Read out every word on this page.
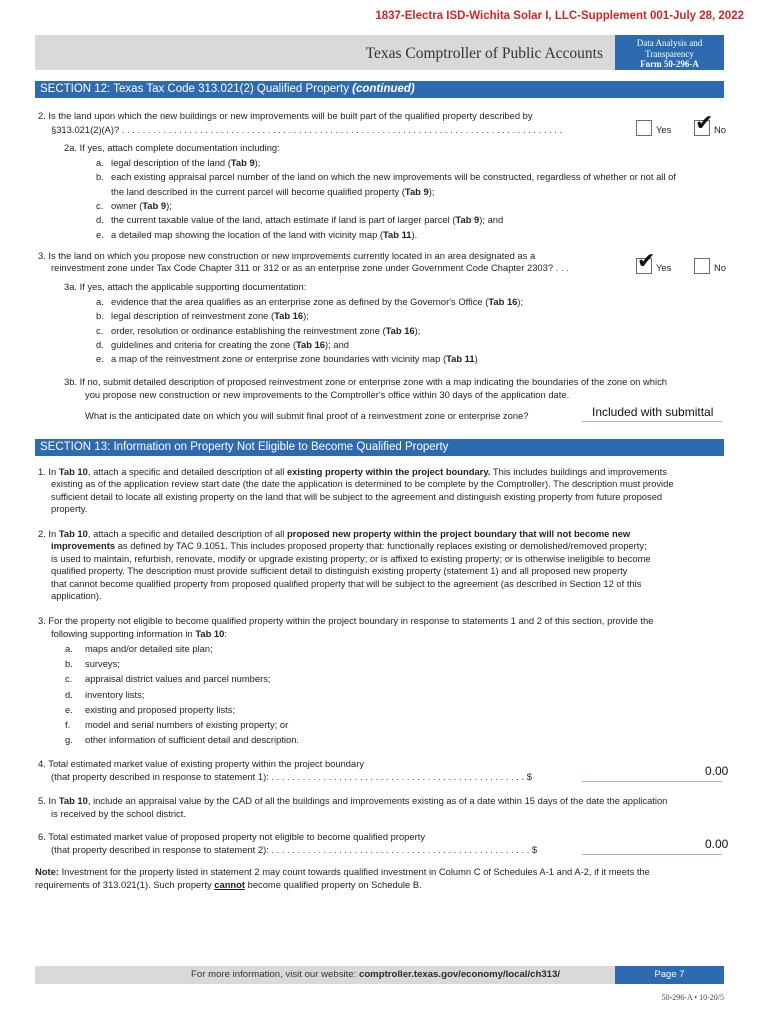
1837-Electra ISD-Wichita Solar I, LLC-Supplement 001-July 28, 2022
Texas Comptroller of Public Accounts
Data Analysis and
Transparency
Form 50-296-A
SECTION 12: Texas Tax Code 313.021(2) Qualified Property (continued)
2. Is the land upon which the new buildings or new improvements will be built part of the qualified property described by
§313.021(2)(A)? . . . . . . . . . . . . . . . . . . . . . . . . . . . . . . . . . . . . . . . . . . . . . . . . . . . . . . . . . . . . . . . . . . . . . . . . . . . . . . . . . . . . .	Yes ✔ No
2a. If yes, attach complete documentation including:
a. legal description of the land (Tab 9);
b. each existing appraisal parcel number of the land on which the new improvements will be constructed, regardless of whether or not all of
the land described in the current parcel will become qualified property (Tab 9);
c. owner (Tab 9);
d. the current taxable value of the land, attach estimate if land is part of larger parcel (Tab 9); and
e. a detailed map showing the location of the land with vicinity map (Tab 11).
3. Is the land on which you propose new construction or new improvements currently located in an area designated as a
reinvestment zone under Tax Code Chapter 311 or 312 or as an enterprise zone under Government Code Chapter 2303? . . .	✔ Yes	No
3a. If yes, attach the applicable supporting documentation:
a. evidence that the area qualifies as an enterprise zone as defined by the Governor's Office (Tab 16);
b. legal description of reinvestment zone (Tab 16);
c. order, resolution or ordinance establishing the reinvestment zone (Tab 16);
d. guidelines and criteria for creating the zone (Tab 16); and
e. a map of the reinvestment zone or enterprise zone boundaries with vicinity map (Tab 11)
3b. If no, submit detailed description of proposed reinvestment zone or enterprise zone with a map indicating the boundaries of the zone on which
you propose new construction or new improvements to the Comptroller's office within 30 days of the application date.
What is the anticipated date on which you will submit final proof of a reinvestment zone or enterprise zone?	Included with submittal
SECTION 13: Information on Property Not Eligible to Become Qualified Property
1. In Tab 10, attach a specific and detailed description of all existing property within the project boundary. This includes buildings and improvements
existing as of the application review start date (the date the application is determined to be complete by the Comptroller). The description must provide
sufficient detail to locate all existing property on the land that will be subject to the agreement and distinguish existing property from future proposed
property.
2. In Tab 10, attach a specific and detailed description of all proposed new property within the project boundary that will not become new
improvements as defined by TAC 9.1051. This includes proposed property that: functionally replaces existing or demolished/removed property;
is used to maintain, refurbish, renovate, modify or upgrade existing property; or is affixed to existing property; or is otherwise ineligible to become
qualified property. The description must provide sufficient detail to distinguish existing property (statement 1) and all proposed new property
that cannot become qualified property from proposed qualified property that will be subject to the agreement (as described in Section 12 of this
application).
3. For the property not eligible to become qualified property within the project boundary in response to statements 1 and 2 of this section, provide the
following supporting information in Tab 10:
a. maps and/or detailed site plan;
b. surveys;
c. appraisal district values and parcel numbers;
d. inventory lists;
e. existing and proposed property lists;
f. model and serial numbers of existing property; or
g. other information of sufficient detail and description.
4. Total estimated market value of existing property within the project boundary
(that property described in response to statement 1): . . . . . . . . . . . . . . . . . . . . . . . . . . . . . . . . . . . . . . . . . . . . . . . . . $	0.00
5. In Tab 10, include an appraisal value by the CAD of all the buildings and improvements existing as of a date within 15 days of the date the application
is received by the school district.
6. Total estimated market value of proposed property not eligible to become qualified property
(that property described in response to statement 2): . . . . . . . . . . . . . . . . . . . . . . . . . . . . . . . . . . . . . . . . . . . . . . . . . . $	0.00
Note: Investment for the property listed in statement 2 may count towards qualified investment in Column C of Schedules A-1 and A-2, if it meets the
requirements of 313.021(1). Such property cannot become qualified property on Schedule B.
For more information, visit our website: comptroller.texas.gov/economy/local/ch313/	Page 7
50-296-A • 10-20/5
